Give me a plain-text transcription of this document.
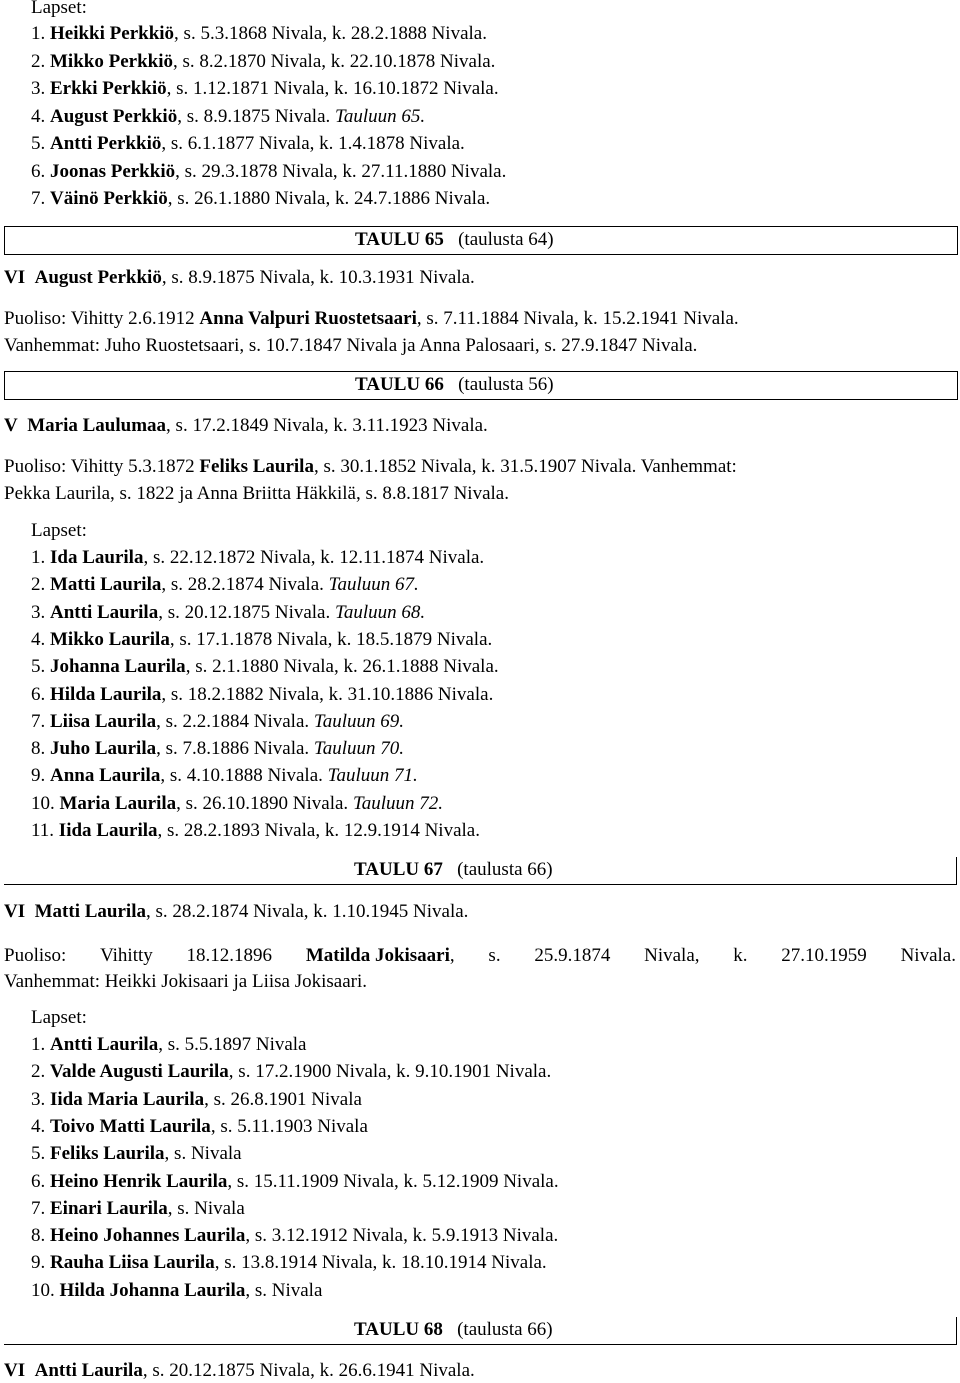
Lapset:
1. Heikki Perkkiö, s. 5.3.1868 Nivala, k. 28.2.1888 Nivala.
2. Mikko Perkkiö, s. 8.2.1870 Nivala, k. 22.10.1878 Nivala.
3. Erkki Perkkiö, s. 1.12.1871 Nivala, k. 16.10.1872 Nivala.
4. August Perkkiö, s. 8.9.1875 Nivala. Tauluun 65.
5. Antti Perkkiö, s. 6.1.1877 Nivala, k. 1.4.1878 Nivala.
6. Joonas Perkkiö, s. 29.3.1878 Nivala, k. 27.11.1880 Nivala.
7. Väinö Perkkiö, s. 26.1.1880 Nivala, k. 24.7.1886 Nivala.
TAULU 65 (taulusta 64)
VI August Perkkiö, s. 8.9.1875 Nivala, k. 10.3.1931 Nivala.
Puoliso: Vihitty 2.6.1912 Anna Valpuri Ruostetsaari, s. 7.11.1884 Nivala, k. 15.2.1941 Nivala.
Vanhemmat: Juho Ruostetsaari, s. 10.7.1847 Nivala ja Anna Palosaari, s. 27.9.1847 Nivala.
TAULU 66 (taulusta 56)
V Maria Laulumaa, s. 17.2.1849 Nivala, k. 3.11.1923 Nivala.
Puoliso: Vihitty 5.3.1872 Feliks Laurila, s. 30.1.1852 Nivala, k. 31.5.1907 Nivala. Vanhemmat:
Pekka Laurila, s. 1822 ja Anna Briitta Häkkilä, s. 8.8.1817 Nivala.
Lapset:
1. Ida Laurila, s. 22.12.1872 Nivala, k. 12.11.1874 Nivala.
2. Matti Laurila, s. 28.2.1874 Nivala. Tauluun 67.
3. Antti Laurila, s. 20.12.1875 Nivala. Tauluun 68.
4. Mikko Laurila, s. 17.1.1878 Nivala, k. 18.5.1879 Nivala.
5. Johanna Laurila, s. 2.1.1880 Nivala, k. 26.1.1888 Nivala.
6. Hilda Laurila, s. 18.2.1882 Nivala, k. 31.10.1886 Nivala.
7. Liisa Laurila, s. 2.2.1884 Nivala. Tauluun 69.
8. Juho Laurila, s. 7.8.1886 Nivala. Tauluun 70.
9. Anna Laurila, s. 4.10.1888 Nivala. Tauluun 71.
10. Maria Laurila, s. 26.10.1890 Nivala. Tauluun 72.
11. Iida Laurila, s. 28.2.1893 Nivala, k. 12.9.1914 Nivala.
TAULU 67 (taulusta 66)
VI Matti Laurila, s. 28.2.1874 Nivala, k. 1.10.1945 Nivala.
Puoliso: Vihitty 18.12.1896 Matilda Jokisaari, s. 25.9.1874 Nivala, k. 27.10.1959 Nivala.
Vanhemmat: Heikki Jokisaari ja Liisa Jokisaari.
Lapset:
1. Antti Laurila, s. 5.5.1897 Nivala
2. Valde Augusti Laurila, s. 17.2.1900 Nivala, k. 9.10.1901 Nivala.
3. Iida Maria Laurila, s. 26.8.1901 Nivala
4. Toivo Matti Laurila, s. 5.11.1903 Nivala
5. Feliks Laurila, s. Nivala
6. Heino Henrik Laurila, s. 15.11.1909 Nivala, k. 5.12.1909 Nivala.
7. Einari Laurila, s. Nivala
8. Heino Johannes Laurila, s. 3.12.1912 Nivala, k. 5.9.1913 Nivala.
9. Rauha Liisa Laurila, s. 13.8.1914 Nivala, k. 18.10.1914 Nivala.
10. Hilda Johanna Laurila, s. Nivala
TAULU 68 (taulusta 66)
VI Antti Laurila, s. 20.12.1875 Nivala, k. 26.6.1941 Nivala.
